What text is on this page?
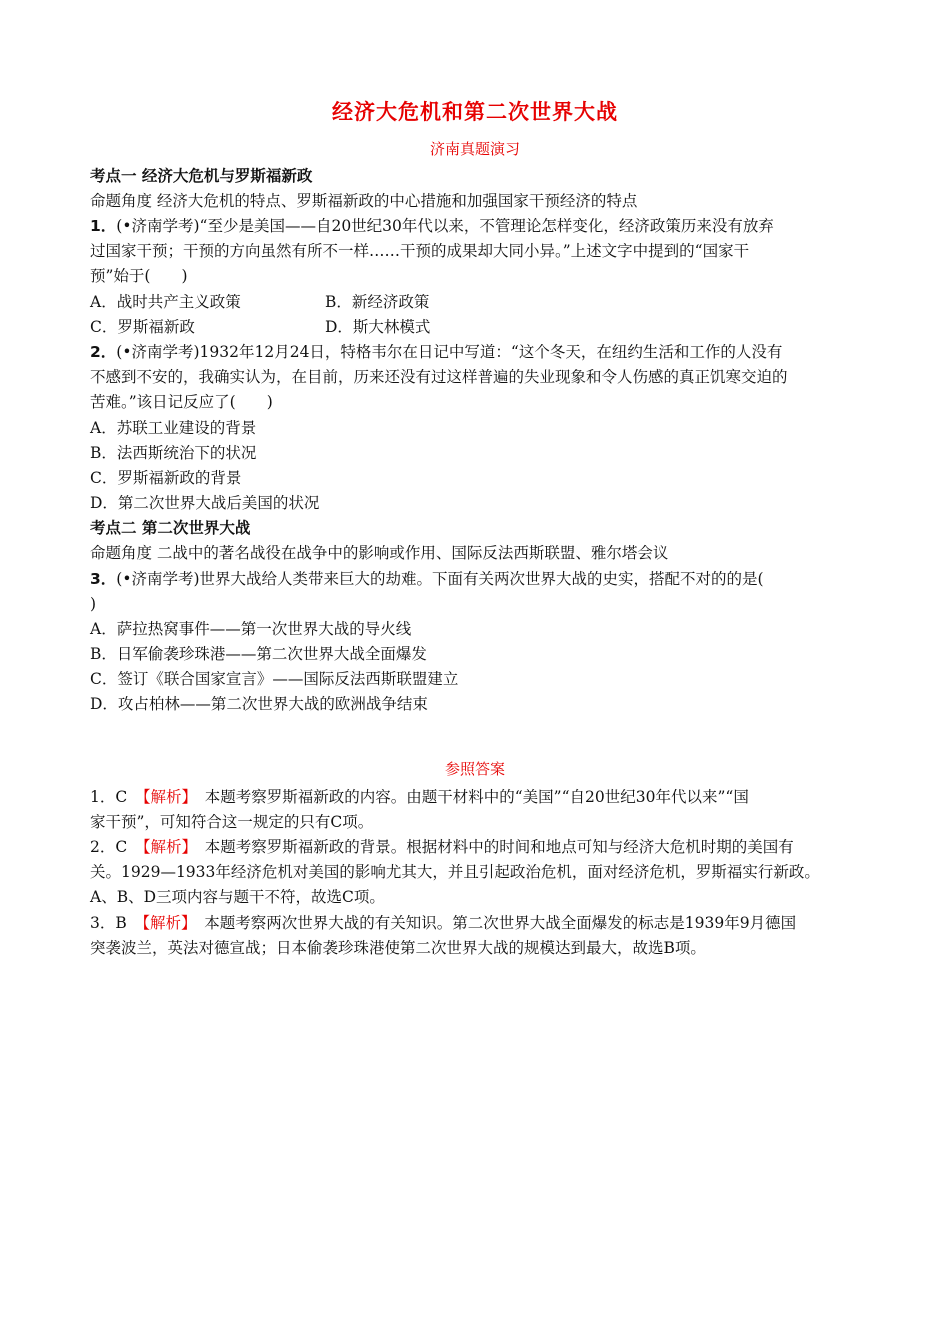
经济大危机和第二次世界大战
济南真题演习
考点一 经济大危机与罗斯福新政
命题角度 经济大危机的特点、罗斯福新政的中心措施和加强国家干预经济的特点
1．(•济南学考)“至少是美国——自20世纪30年代以来，不管理论怎样变化，经济政策历来没有放弃
过国家干预；干预的方向虽然有所不一样……干预的成果却大同小异。”上述文字中提到的“国家干
预”始于(　　)
A．战时共产主义政策	B．新经济政策
C．罗斯福新政	D．斯大林模式
2．(•济南学考)1932年12月24日，特格韦尔在日记中写道：“这个冬天，在纽约生活和工作的人没有
不感到不安的，我确实认为，在目前，历来还没有过这样普遍的失业现象和令人伤感的真正饥寒交迫的
苦难。”该日记反应了(　　)
A．苏联工业建设的背景
B．法西斯统治下的状况
C．罗斯福新政的背景
D．第二次世界大战后美国的状况
考点二 第二次世界大战
命题角度 二战中的著名战役在战争中的影响或作用、国际反法西斯联盟、雅尔塔会议
3．(•济南学考)世界大战给人类带来巨大的劫难。下面有关两次世界大战的史实，搭配不对的的是(
)
A．萨拉热窝事件——第一次世界大战的导火线
B．日军偷袭珍珠港——第二次世界大战全面爆发
C．签订《联合国家宣言》——国际反法西斯联盟建立
D．攻占柏林——第二次世界大战的欧洲战争结束
参照答案
1．C　【解析】　本题考察罗斯福新政的内容。由题干材料中的“美国”“自20世纪30年代以来”“国
家干预”，可知符合这一规定的只有C项。
2．C　【解析】　本题考察罗斯福新政的背景。根据材料中的时间和地点可知与经济大危机时期的美国有
关。1929—1933年经济危机对美国的影响尤其大，并且引起政治危机，面对经济危机，罗斯福实行新政。
A、B、D三项内容与题干不符，故选C项。
3．B　【解析】　本题考察两次世界大战的有关知识。第二次世界大战全面爆发的标志是1939年9月德国
突袭波兰，英法对德宣战；日本偷袭珍珠港使第二次世界大战的规模达到最大，故选B项。
